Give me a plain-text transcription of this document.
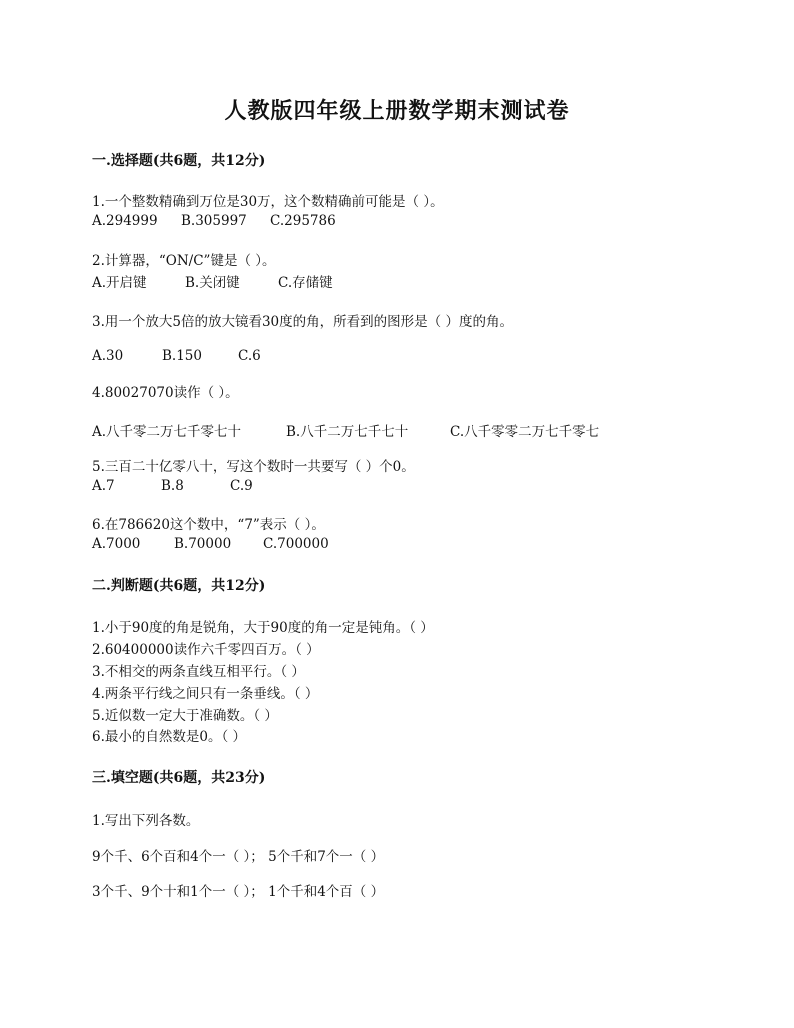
人教版四年级上册数学期末测试卷
一.选择题(共6题，共12分)
1.一个整数精确到万位是30万，这个数精确前可能是（ ）。
A.294999	B.305997	C.295786
2.计算器，“ON/C”键是（ ）。
A.开启键	B.关闭键	C.存储键
3.用一个放大5倍的放大镜看30度的角，所看到的图形是（ ）度的角。
A.30	B.150	C.6
4.80027070读作（ ）。
A.八千零二万七千零七十	B.八千二万七千七十	C.八千零零二万七千零七
5.三百二十亿零八十，写这个数时一共要写（ ）个0。
A.7	B.8	C.9
6.在786620这个数中，“7”表示（ ）。
A.7000	B.70000	C.700000
二.判断题(共6题，共12分)
1.小于90度的角是锐角，大于90度的角一定是钝角。（ ）
2.60400000读作六千零四百万。（ ）
3.不相交的两条直线互相平行。（ ）
4.两条平行线之间只有一条垂线。（ ）
5.近似数一定大于准确数。（ ）
6.最小的自然数是0。（ ）
三.填空题(共6题，共23分)
1.写出下列各数。
9个千、6个百和4个一（ ）； 5个千和7个一（ ）
3个千、9个十和1个一（ ）； 1个千和4个百（ ）
